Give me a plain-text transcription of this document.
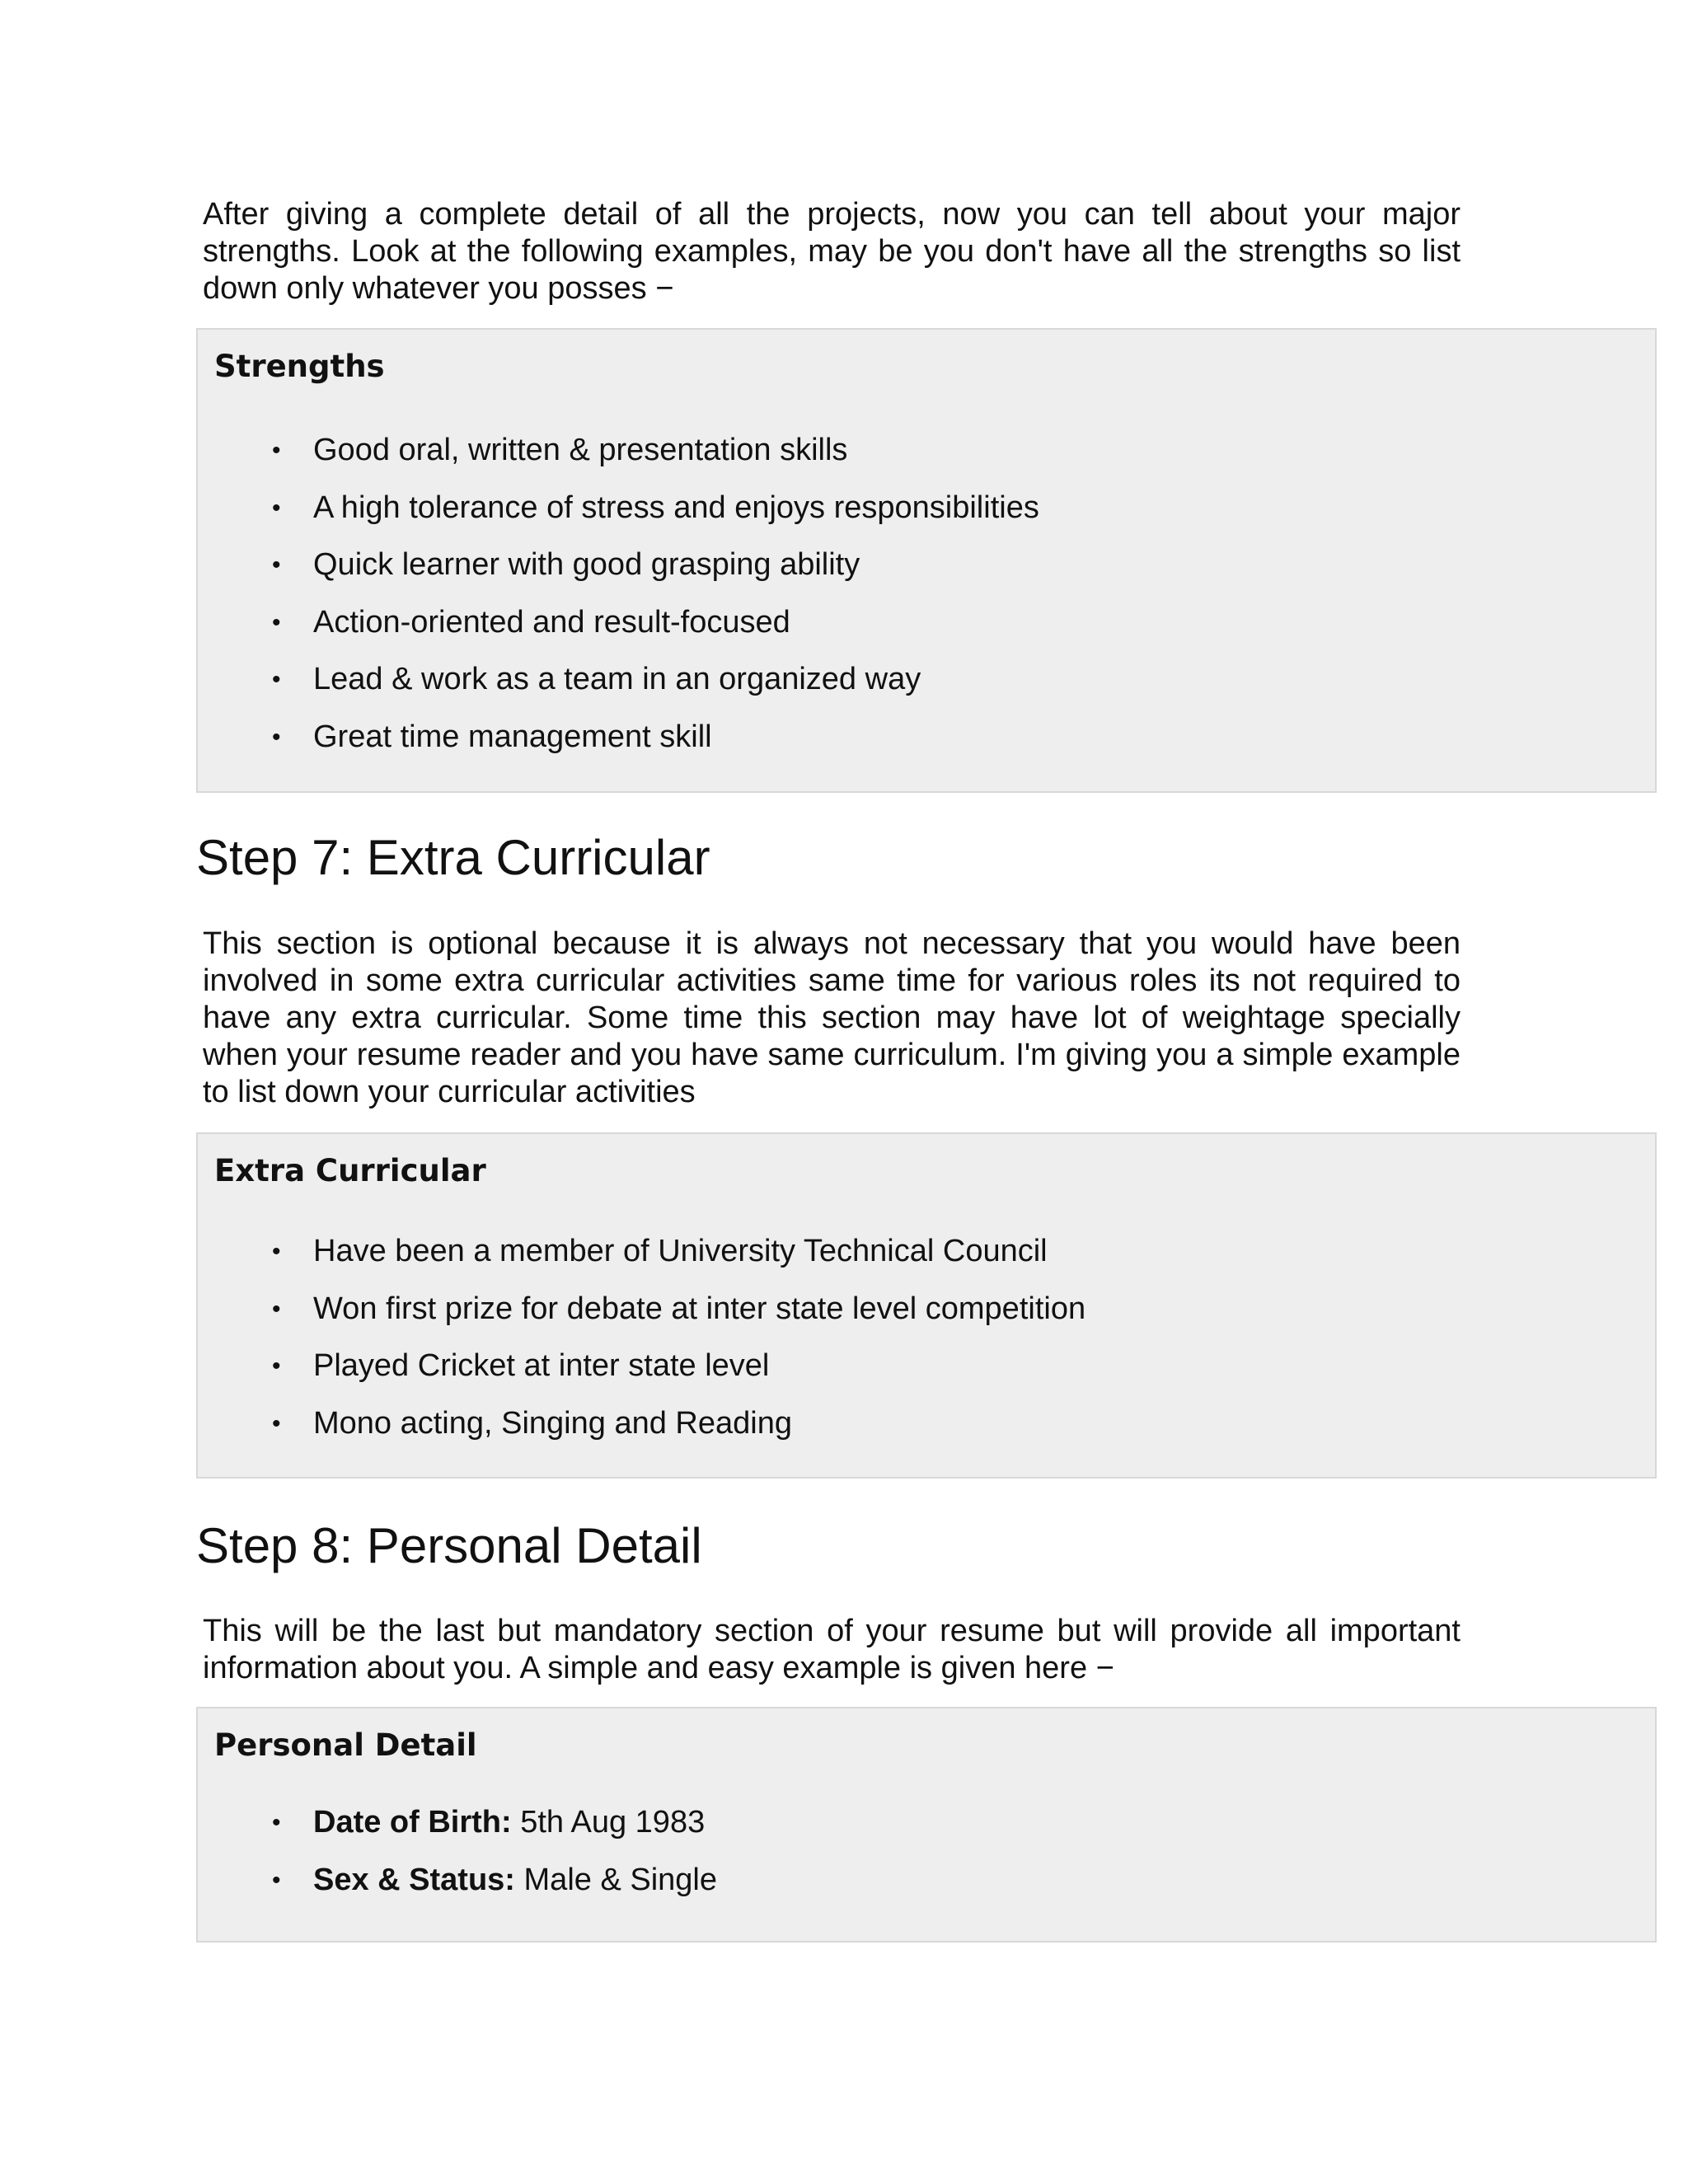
After giving a complete detail of all the projects, now you can tell about your major strengths. Look at the following examples, may be you don't have all the strengths so list down only whatever you posses −

Strengths
• Good oral, written & presentation skills
• A high tolerance of stress and enjoys responsibilities
• Quick learner with good grasping ability
• Action-oriented and result-focused
• Lead & work as a team in an organized way
• Great time management skill
Step 7: Extra Curricular

This section is optional because it is always not necessary that you would have been involved in some extra curricular activities same time for various roles its not required to have any extra curricular. Some time this section may have lot of weightage specially when your resume reader and you have same curriculum. I'm giving you a simple example to list down your curricular activities

Extra Curricular
• Have been a member of University Technical Council
• Won first prize for debate at inter state level competition
• Played Cricket at inter state level
• Mono acting, Singing and Reading
Step 8: Personal Detail

This will be the last but mandatory section of your resume but will provide all important information about you. A simple and easy example is given here −

Personal Detail
• Date of Birth: 5th Aug 1983
• Sex & Status: Male & Single
